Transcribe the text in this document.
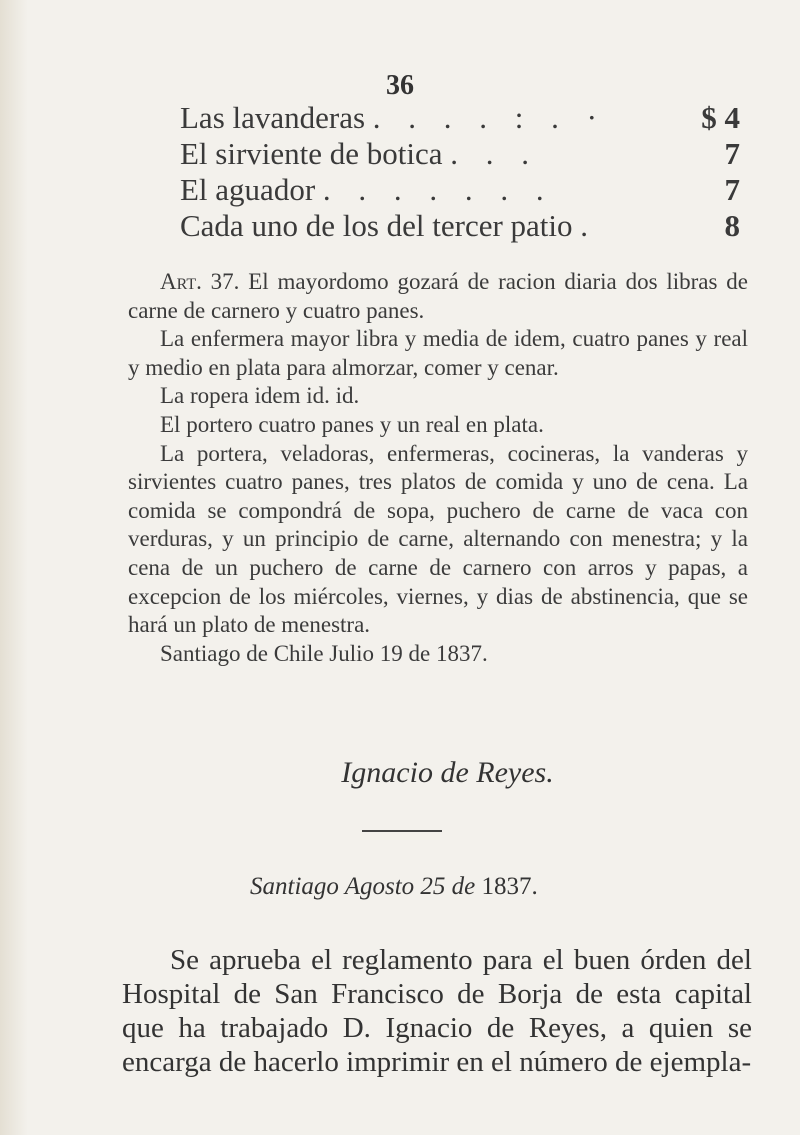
36
Las lavanderas . . . . : . ·	$ 4
El sirviente de botica . . .	7
El aguador . . . . . . .	7
Cada uno de los del tercer patio .	8

Art. 37. El mayordomo gozará de racion diaria dos libras de carne de carnero y cuatro panes.

La enfermera mayor libra y media de idem, cuatro panes y real y medio en plata para almorzar, comer y cenar.

La ropera idem id. id.

El portero cuatro panes y un real en plata.

La portera, veladoras, enfermeras, cocineras, la vanderas y sirvientes cuatro panes, tres platos de comida y uno de cena. La comida se compondrá de sopa, puchero de carne de vaca con verduras, y un principio de carne, alternando con menestra; y la cena de un puchero de carne de carnero con arros y papas, a excepcion de los miércoles, viernes, y dias de abstinencia, que se hará un plato de menestra.

Santiago de Chile Julio 19 de 1837.

Ignacio de Reyes.
Santiago Agosto 25 de 1837.

Se aprueba el reglamento para el buen órden del Hospital de San Francisco de Borja de esta capital que ha trabajado D. Ignacio de Reyes, a quien se encarga de hacerlo imprimir en el número de ejempla-
